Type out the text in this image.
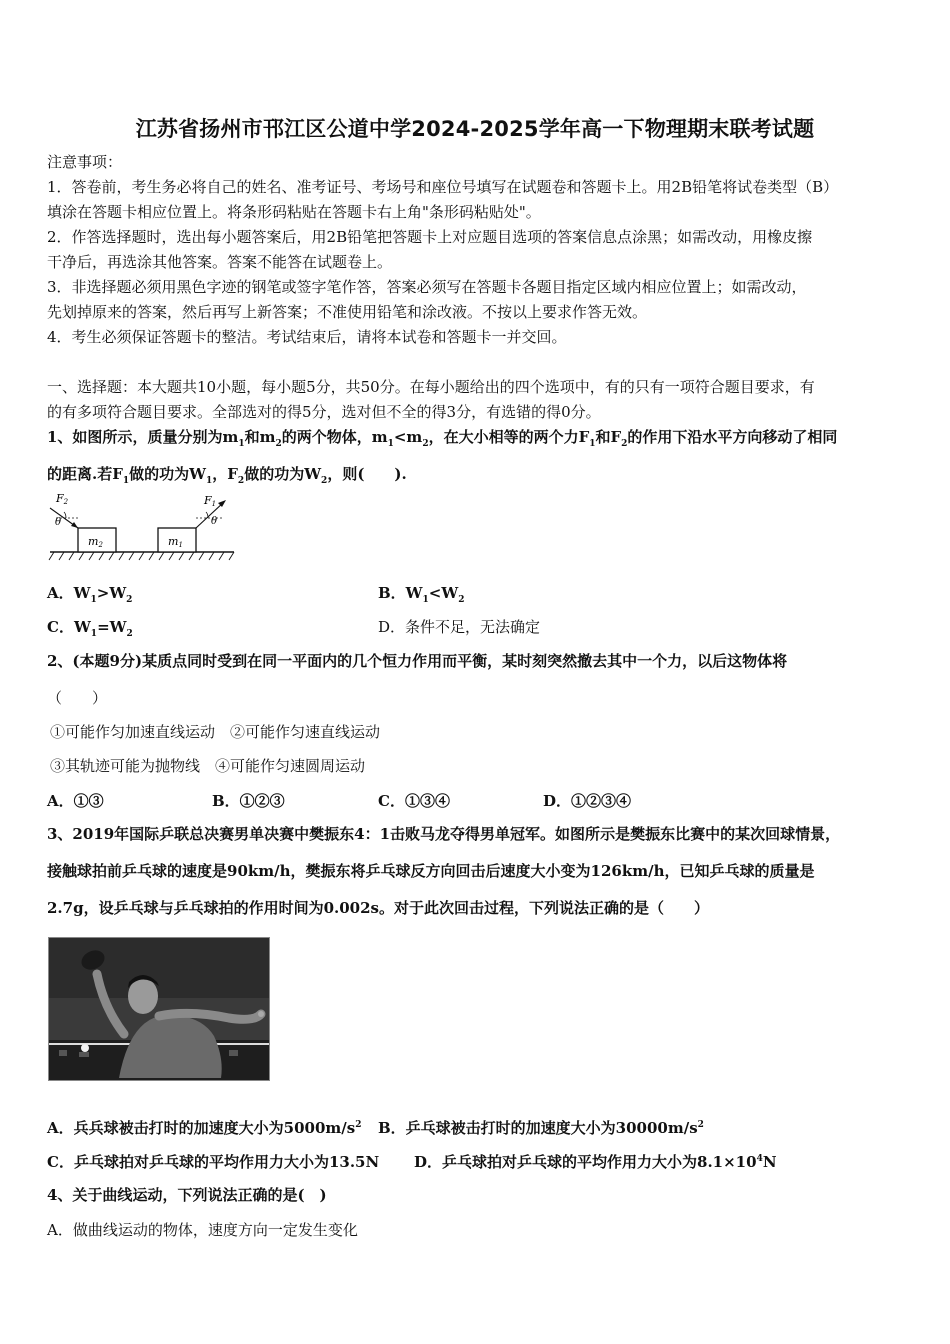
江苏省扬州市邗江区公道中学2024-2025学年高一下物理期末联考试题
注意事项：
1．答卷前，考生务必将自己的姓名、准考证号、考场号和座位号填写在试题卷和答题卡上。用2B铅笔将试卷类型（B）
填涂在答题卡相应位置上。将条形码粘贴在答题卡右上角"条形码粘贴处"。
2．作答选择题时，选出每小题答案后，用2B铅笔把答题卡上对应题目选项的答案信息点涂黑；如需改动，用橡皮擦
干净后，再选涂其他答案。答案不能答在试题卷上。
3．非选择题必须用黑色字迹的钢笔或签字笔作答，答案必须写在答题卡各题目指定区域内相应位置上；如需改动，
先划掉原来的答案，然后再写上新答案；不准使用铅笔和涂改液。不按以上要求作答无效。
4．考生必须保证答题卡的整洁。考试结束后，请将本试卷和答题卡一并交回。
一、选择题：本大题共10小题，每小题5分，共50分。在每小题给出的四个选项中，有的只有一项符合题目要求，有
的有多项符合题目要求。全部选对的得5分，选对但不全的得3分，有选错的得0分。
1、如图所示，质量分别为$m_1$和$m_2$的两个物体，$m_1<m_2$，在大小相等的两个力$F_1$和$F_2$的作用下沿水平方向移动了相同
的距离.若$F_1$做的功为$W_1$，$F_2$做的功为$W_2$，则(　　).
m2	m1
F2
θ
F1
θ
A．$W_1>W_2$	B．$W_1<W_2$
C．$W_1=W_2$	D．条件不足，无法确定
2、(本题9分)某质点同时受到在同一平面内的几个恒力作用而平衡，某时刻突然撤去其中一个力，以后这物体将
（　　）
①可能作匀加速直线运动　②可能作匀速直线运动
③其轨迹可能为抛物线　④可能作匀速圆周运动
A．①③	B．①②③	C．①③④	D．①②③④
3、2019年国际乒联总决赛男单决赛中樊振东4：1击败马龙夺得男单冠军。如图所示是樊振东比赛中的某次回球情景，
接触球拍前乒乓球的速度是90km/h，樊振东将乒乓球反方向回击后速度大小变为126km/h，已知乒乓球的质量是
2.7g，设乒乓球与乒乓球拍的作用时间为0.002s。对于此次回击过程，下列说法正确的是（　　）
A．兵兵球被击打时的加速度大小为$5000m/s^2$ B．乒乓球被击打时的加速度大小为$30000m/s^2$
C．乒乓球拍对乒乓球的平均作用力大小为13.5N D．乒乓球拍对乒乓球的平均作用力大小为$8.1\times 10^4N$
4、关于曲线运动，下列说法正确的是(　)
A．做曲线运动的物体，速度方向一定发生变化
